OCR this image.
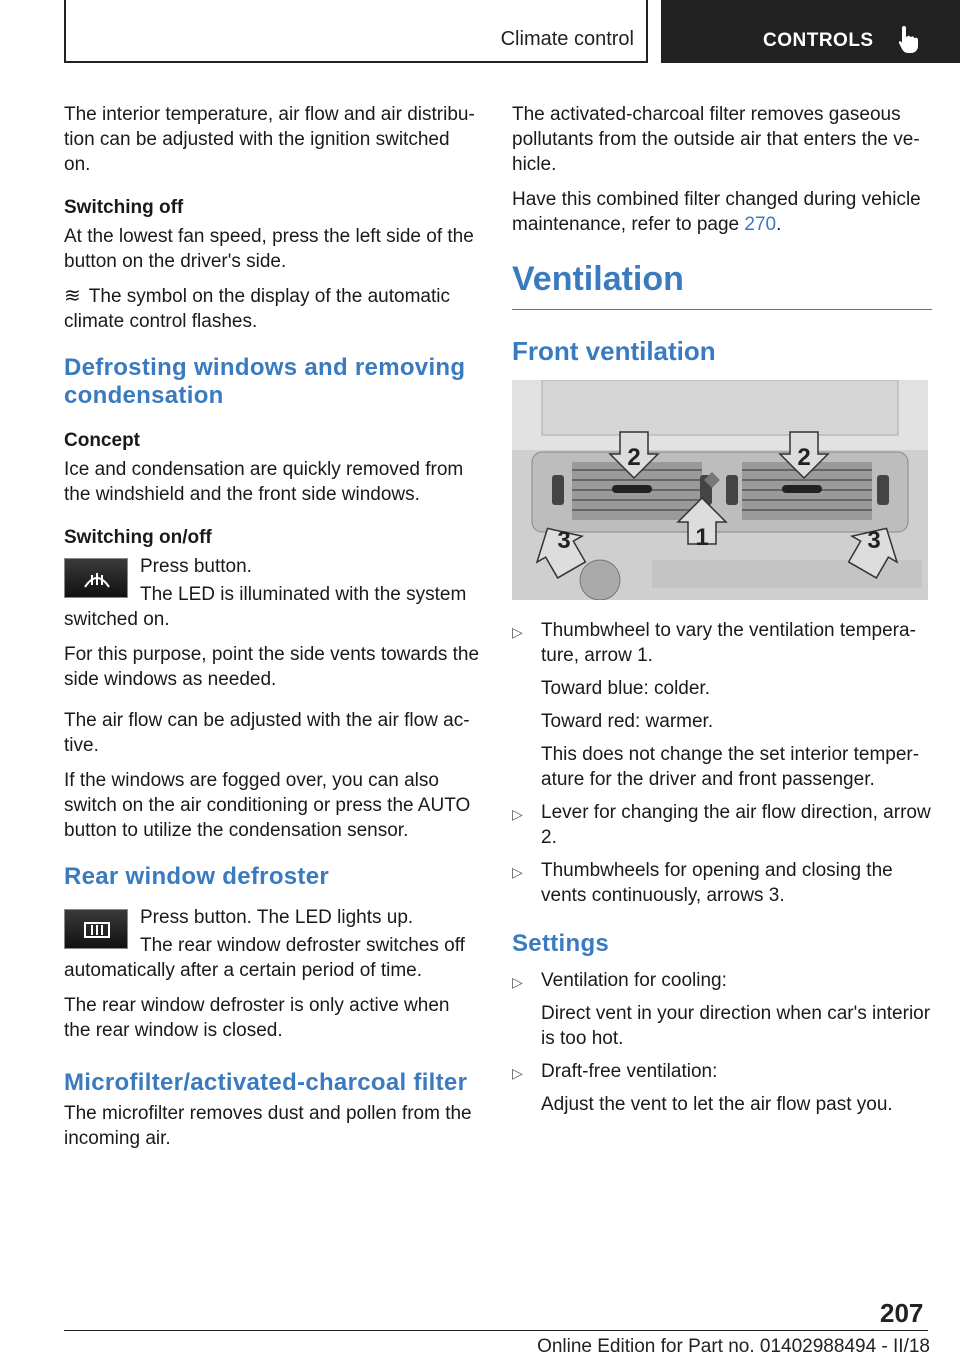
Climate control	CONTROLS

The interior temperature, air flow and air distribution can be adjusted with the ignition switched on.

Switching off

At the lowest fan speed, press the left side of the button on the driver's side.

≋ The symbol on the display of the automatic climate control flashes.

Defrosting windows and removing condensation
Concept

Ice and condensation are quickly removed from the windshield and the front side windows.

Switching on/off

Press button.

The LED is illuminated with the system switched on.

For this purpose, point the side vents towards the side windows as needed.

The air flow can be adjusted with the air flow active.

If the windows are fogged over, you can also switch on the air conditioning or press the AUTO button to utilize the condensation sensor.

Rear window defroster

Press button. The LED lights up.

The rear window defroster switches off automatically after a certain period of time.

The rear window defroster is only active when the rear window is closed.

Microfilter/activated-charcoal filter

The microfilter removes dust and pollen from the incoming air.

The activated-charcoal filter removes gaseous pollutants from the outside air that enters the vehicle.

Have this combined filter changed during vehicle maintenance, refer to page 270.

Ventilation
Front ventilation
2	2
3	1	3
▷ Thumbwheel to vary the ventilation temperature, arrow 1.

Toward blue: colder.

Toward red: warmer.

This does not change the set interior temperature for the driver and front passenger.

▷ Lever for changing the air flow direction, arrow 2.
▷ Thumbwheels for opening and closing the vents continuously, arrows 3.
Settings
▷ Ventilation for cooling:

Direct vent in your direction when car's interior is too hot.

▷ Draft-free ventilation:

Adjust the vent to let the air flow past you.

207
Online Edition for Part no. 01402988494 - II/18
